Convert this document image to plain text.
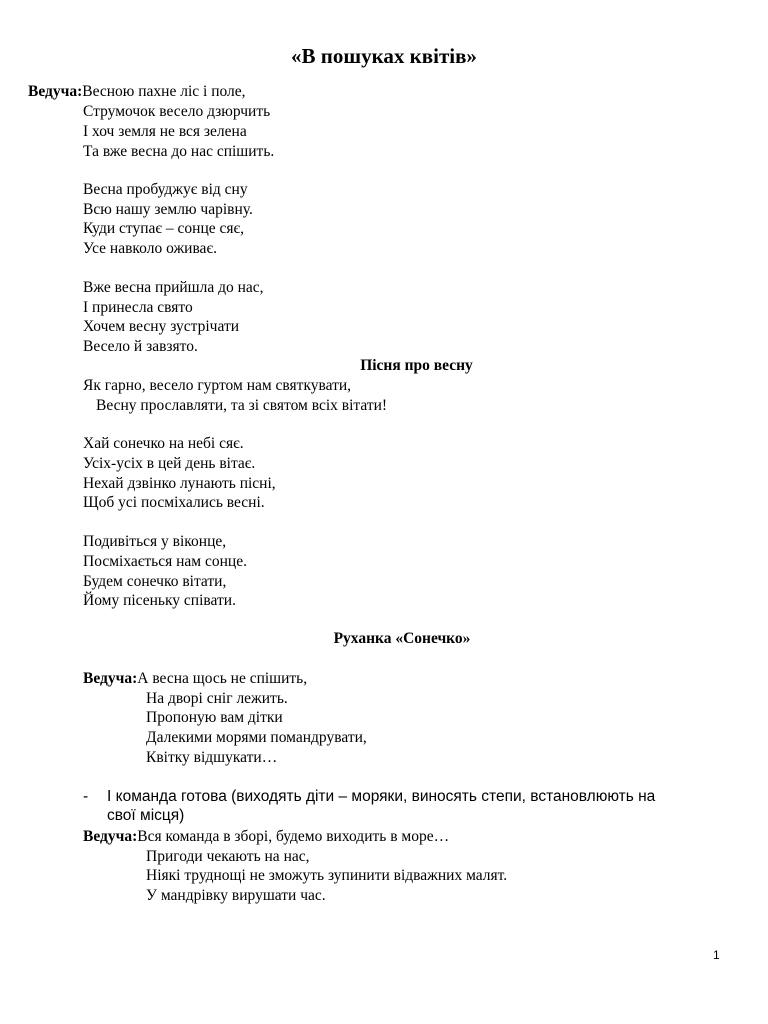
«В пошуках квітів»
Ведуча:Весною пахне ліс і поле,
Струмочок весело дзюрчить
І хоч земля не вся зелена
Та вже весна до нас спішить.
Весна пробуджує від сну
Всю нашу землю чарівну.
Куди ступає – сонце сяє,
Усе навколо оживає.
Вже весна прийшла до нас,
І принесла свято
Хочем весну зустрічати
Весело й завзято.
Пісня про весну
Як гарно, весело гуртом нам святкувати,
Весну прославляти, та зі святом всіх вітати!
Хай сонечко на небі сяє.
Усіх-усіх в цей день вітає.
Нехай дзвінко лунають пісні,
Щоб усі посміхались весні.
Подивіться у віконце,
Посміхається нам сонце.
Будем сонечко вітати,
Йому пісеньку співати.
Руханка «Сонечко»
Ведуча:А весна щось не спішить,
На дворі сніг лежить.
Пропоную вам дітки
Далекими морями помандрувати,
Квітку відшукати…
- І команда готова (виходять діти – моряки, виносять степи, встановлюють на
свої місця)
Ведуча:Вся команда в зборі, будемо виходить в море…
Пригоди чекають на нас,
Ніякі труднощі не зможуть зупинити відважних малят.
У мандрівку вирушати час.
1
